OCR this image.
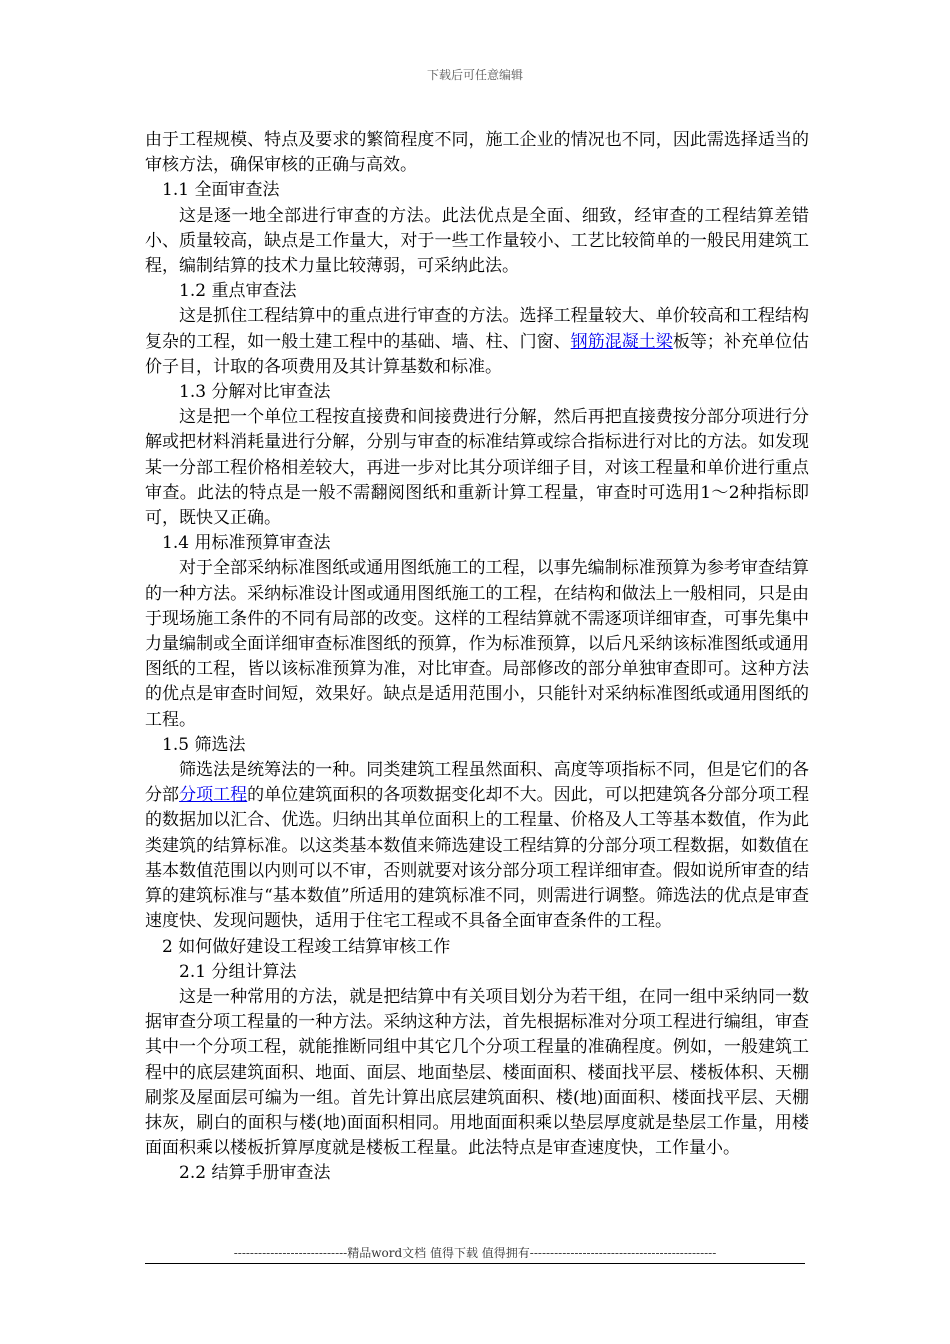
下载后可任意编辑

由于工程规模、特点及要求的繁简程度不同，施工企业的情况也不同，因此需选择适当的审核方法，确保审核的正确与高效。

1.1 全面审查法

这是逐一地全部进行审查的方法。此法优点是全面、细致，经审查的工程结算差错小、质量较高，缺点是工作量大，对于一些工作量较小、工艺比较简单的一般民用建筑工程，编制结算的技术力量比较薄弱，可采纳此法。

1.2 重点审查法

这是抓住工程结算中的重点进行审查的方法。选择工程量较大、单价较高和工程结构复杂的工程，如一般土建工程中的基础、墙、柱、门窗、钢筋混凝土梁板等；补充单位估价子目，计取的各项费用及其计算基数和标准。

1.3 分解对比审查法

这是把一个单位工程按直接费和间接费进行分解，然后再把直接费按分部分项进行分解或把材料消耗量进行分解，分别与审查的标准结算或综合指标进行对比的方法。如发现某一分部工程价格相差较大，再进一步对比其分项详细子目，对该工程量和单价进行重点审查。此法的特点是一般不需翻阅图纸和重新计算工程量，审查时可选用1～2种指标即可，既快又正确。

1.4 用标准预算审查法

对于全部采纳标准图纸或通用图纸施工的工程，以事先编制标准预算为参考审查结算的一种方法。采纳标准设计图或通用图纸施工的工程，在结构和做法上一般相同，只是由于现场施工条件的不同有局部的改变。这样的工程结算就不需逐项详细审查，可事先集中力量编制或全面详细审查标准图纸的预算，作为标准预算，以后凡采纳该标准图纸或通用图纸的工程，皆以该标准预算为准，对比审查。局部修改的部分单独审查即可。这种方法的优点是审查时间短，效果好。缺点是适用范围小，只能针对采纳标准图纸或通用图纸的工程。

1.5 筛选法

筛选法是统筹法的一种。同类建筑工程虽然面积、高度等项指标不同，但是它们的各分部分项工程的单位建筑面积的各项数据变化却不大。因此，可以把建筑各分部分项工程的数据加以汇合、优选。归纳出其单位面积上的工程量、价格及人工等基本数值，作为此类建筑的结算标准。以这类基本数值来筛选建设工程结算的分部分项工程数据，如数值在基本数值范围以内则可以不审，否则就要对该分部分项工程详细审查。假如说所审查的结算的建筑标准与“基本数值”所适用的建筑标准不同，则需进行调整。筛选法的优点是审查速度快、发现问题快，适用于住宅工程或不具备全面审查条件的工程。

2 如何做好建设工程竣工结算审核工作

2.1 分组计算法

这是一种常用的方法，就是把结算中有关项目划分为若干组，在同一组中采纳同一数据审查分项工程量的一种方法。采纳这种方法，首先根据标准对分项工程进行编组，审查其中一个分项工程，就能推断同组中其它几个分项工程量的准确程度。例如，一般建筑工程中的底层建筑面积、地面、面层、地面垫层、楼面面积、楼面找平层、楼板体积、天棚刷浆及屋面层可编为一组。首先计算出底层建筑面积、楼(地)面面积、楼面找平层、天棚抹灰，刷白的面积与楼(地)面面积相同。用地面面积乘以垫层厚度就是垫层工作量，用楼面面积乘以楼板折算厚度就是楼板工程量。此法特点是审查速度快，工作量小。

2.2 结算手册审查法

----------------------------精品word文档 值得下载 值得拥有----------------------------------------------
